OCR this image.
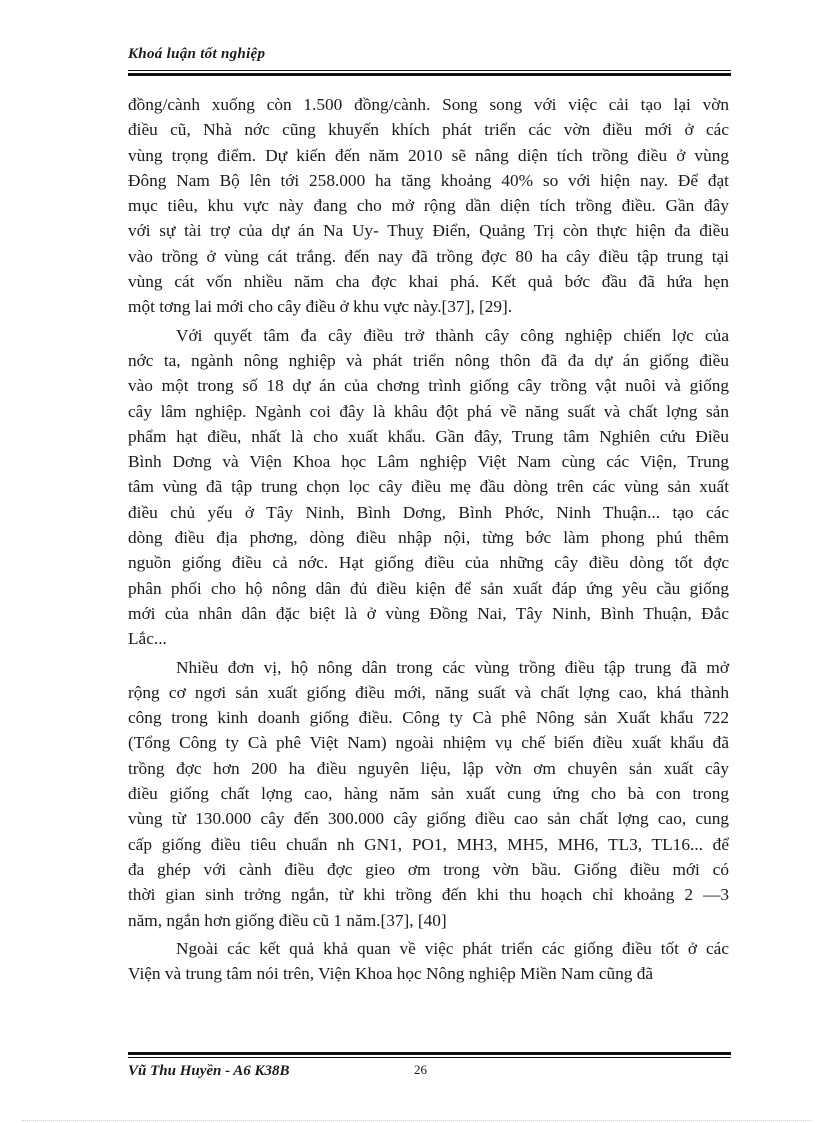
Khoá luận tốt nghiệp
đồng/cành xuống còn 1.500 đồng/cành. Song song với việc cải tạo lại vờn
điều cũ, Nhà nớc cũng khuyến khích phát triển các vờn điều mới ở các
vùng trọng điểm. Dự kiến đến năm 2010 sẽ nâng diện tích trồng điều ở vùng
Đông Nam Bộ lên tới 258.000 ha tăng khoảng 40% so với hiện nay. Để đạt
mục tiêu, khu vực này đang cho mở rộng dần diện tích trồng điều. Gần đây
với sự tài trợ của dự án Na Uy- Thuỵ Điển, Quảng Trị còn thực hiện đa điều
vào trồng ở vùng cát trắng. đến nay đã trồng đợc 80 ha cây điều tập trung tại
vùng cát vốn nhiều năm cha đợc khai phá. Kết quả bớc đầu đã hứa hẹn
một tơng lai mới cho cây điều ở khu vực này.[37], [29].
Với quyết tâm đa cây điều trở thành cây công nghiệp chiến lợc của
nớc ta, ngành nông nghiệp và phát triển nông thôn đã đa dự án giống điều
vào một trong số 18 dự án của chơng trình giống cây trồng vật nuôi và giống
cây lâm nghiệp. Ngành coi đây là khâu đột phá về năng suất và chất lợng sản
phẩm hạt điều, nhất là cho xuất khẩu. Gần đây, Trung tâm Nghiên cứu Điều
Bình Dơng và Viện Khoa học Lâm nghiệp Việt Nam cùng các Viện, Trung
tâm vùng đã tập trung chọn lọc cây điều mẹ đầu dòng trên các vùng sản xuất
điều chủ yếu ở Tây Ninh, Bình Dơng, Bình Phớc, Ninh Thuận... tạo các
dòng điều địa phơng, dòng điều nhập nội, từng bớc làm phong phú thêm
nguồn giống điều cả nớc. Hạt giống điều của những cây điều dòng tốt đợc
phân phối cho hộ nông dân đủ điều kiện để sản xuất đáp ứng yêu cầu giống
mới của nhân dân đặc biệt là ở vùng Đồng Nai, Tây Ninh, Bình Thuận, Đắc
Lắc...
Nhiều đơn vị, hộ nông dân trong các vùng trồng điều tập trung đã mở
rộng cơ ngơi sản xuất giống điều mới, năng suất và chất lợng cao, khá thành
công trong kinh doanh giống điều. Công ty Cà phê Nông sản Xuất khẩu 722
(Tổng Công ty Cà phê Việt Nam) ngoài nhiệm vụ chế biến điều xuất khẩu đã
trồng đợc hơn 200 ha điều nguyên liệu, lập vờn ơm chuyên sản xuất cây
điều giống chất lợng cao, hàng năm sản xuất cung ứng cho bà con trong
vùng từ 130.000 cây đến 300.000 cây giống điều cao sản chất lợng cao, cung
cấp giống điều tiêu chuẩn nh GN1, PO1, MH3, MH5, MH6, TL3, TL16... để
đa ghép với cành điều đợc gieo ơm trong vờn bầu. Giống điều mới có
thời gian sinh trởng ngắn, từ khi trồng đến khi thu hoạch chỉ khoảng 2 —3
năm, ngắn hơn giống điều cũ 1 năm.[37], [40]
Ngoài các kết quả khả quan về việc phát triển các giống điều tốt ở các
Viện và trung tâm nói trên, Viện Khoa học Nông nghiệp Miền Nam cũng đã
Vũ Thu Huyền - A6 K38B	26
